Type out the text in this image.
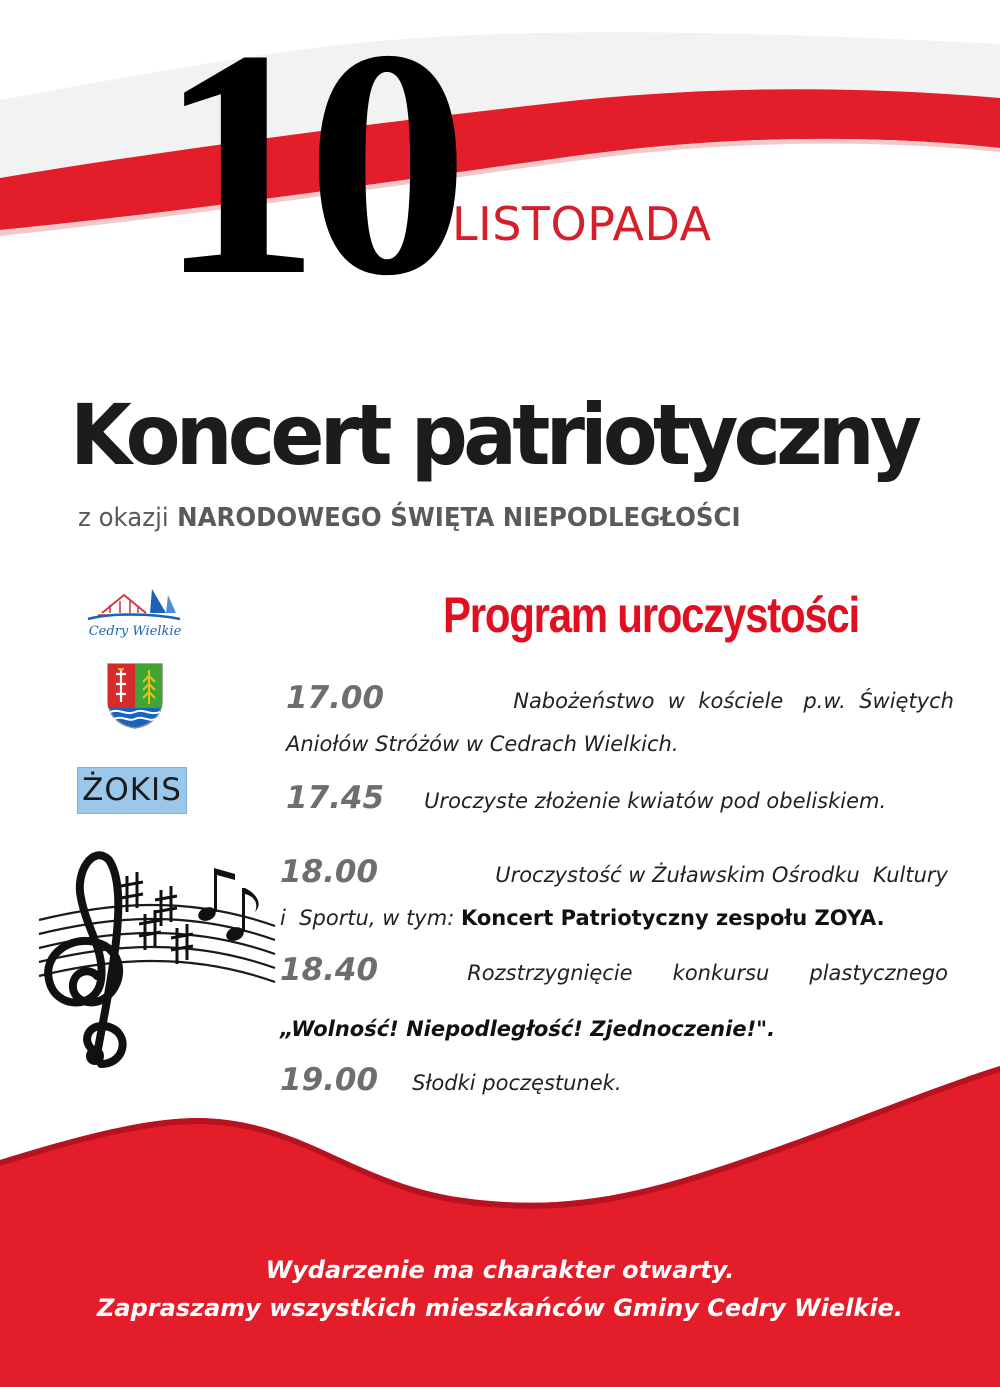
10
LISTOPADA
Koncert patriotyczny
z okazji NARODOWEGO ŚWIĘTA NIEPODLEGŁOŚCI
Program uroczystości
Cedry Wielkie
ŻOKIS
17.00	Nabożeństwo  w  kościele   p.w.  Świętych
Aniołów Stróżów w Cedrach Wielkich.
17.45 Uroczyste złożenie kwiatów pod obeliskiem.
18.00	Uroczystość w Żuławskim Ośrodku  Kultury
i  Sportu, w tym: Koncert Patriotyczny zespołu ZOYA.
18.40	Rozstrzygnięcie      konkursu      plastycznego
„Wolność! Niepodległość! Zjednoczenie!".
19.00 Słodki poczęstunek.

Wydarzenie ma charakter otwarty.

Zapraszamy wszystkich mieszkańców Gminy Cedry Wielkie.
